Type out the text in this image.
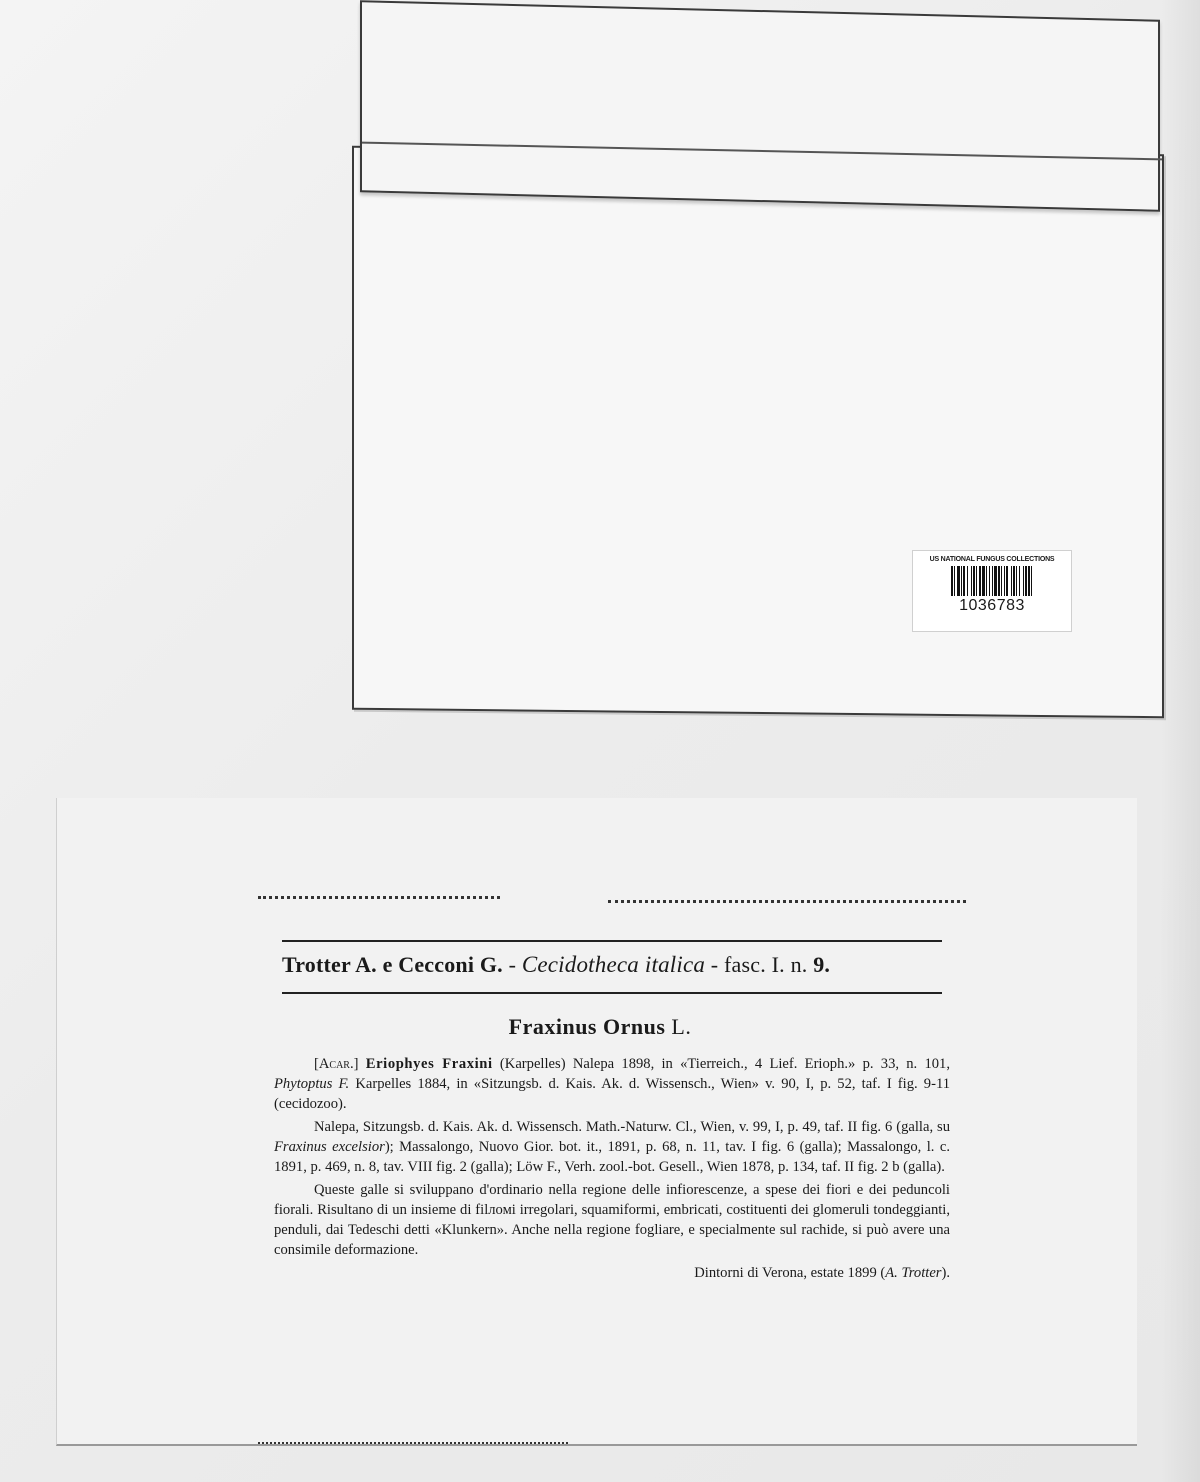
US NATIONAL FUNGUS COLLECTIONS
1036783
Trotter A. e Cecconi G. - Cecidotheca italica - fasc. I. n. 9.
Fraxinus Ornus L.

[Acar.] Eriophyes Fraxini (Karpelles) Nalepa 1898, in «Tierreich., 4 Lief. Erioph.» p. 33, n. 101, Phytoptus F. Karpelles 1884, in «Sitzungsb. d. Kais. Ak. d. Wissensch., Wien» v. 90, I, p. 52, taf. I fig. 9-11 (cecidozoo).

Nalepa, Sitzungsb. d. Kais. Ak. d. Wissensch. Math.-Naturw. Cl., Wien, v. 99, I, p. 49, taf. II fig. 6 (galla, su Fraxinus excelsior); Massalongo, Nuovo Gior. bot. it., 1891, p. 68, n. 11, tav. I fig. 6 (galla); Massalongo, l. c. 1891, p. 469, n. 8, tav. VIII fig. 2 (galla); Löw F., Verh. zool.-bot. Gesell., Wien 1878, p. 134, taf. II fig. 2 b (galla).

Queste galle si sviluppano d'ordinario nella regione delle infiorescenze, a spese dei fiori e dei peduncoli fiorali. Risultano di un insieme di filломi irregolari, squamiformi, embricati, costituenti dei glomeruli tondeggianti, penduli, dai Tedeschi detti «Klunkern». Anche nella regione fogliare, e specialmente sul rachide, si può avere una consimile deformazione.

Dintorni di Verona, estate 1899 (A. Trotter).
